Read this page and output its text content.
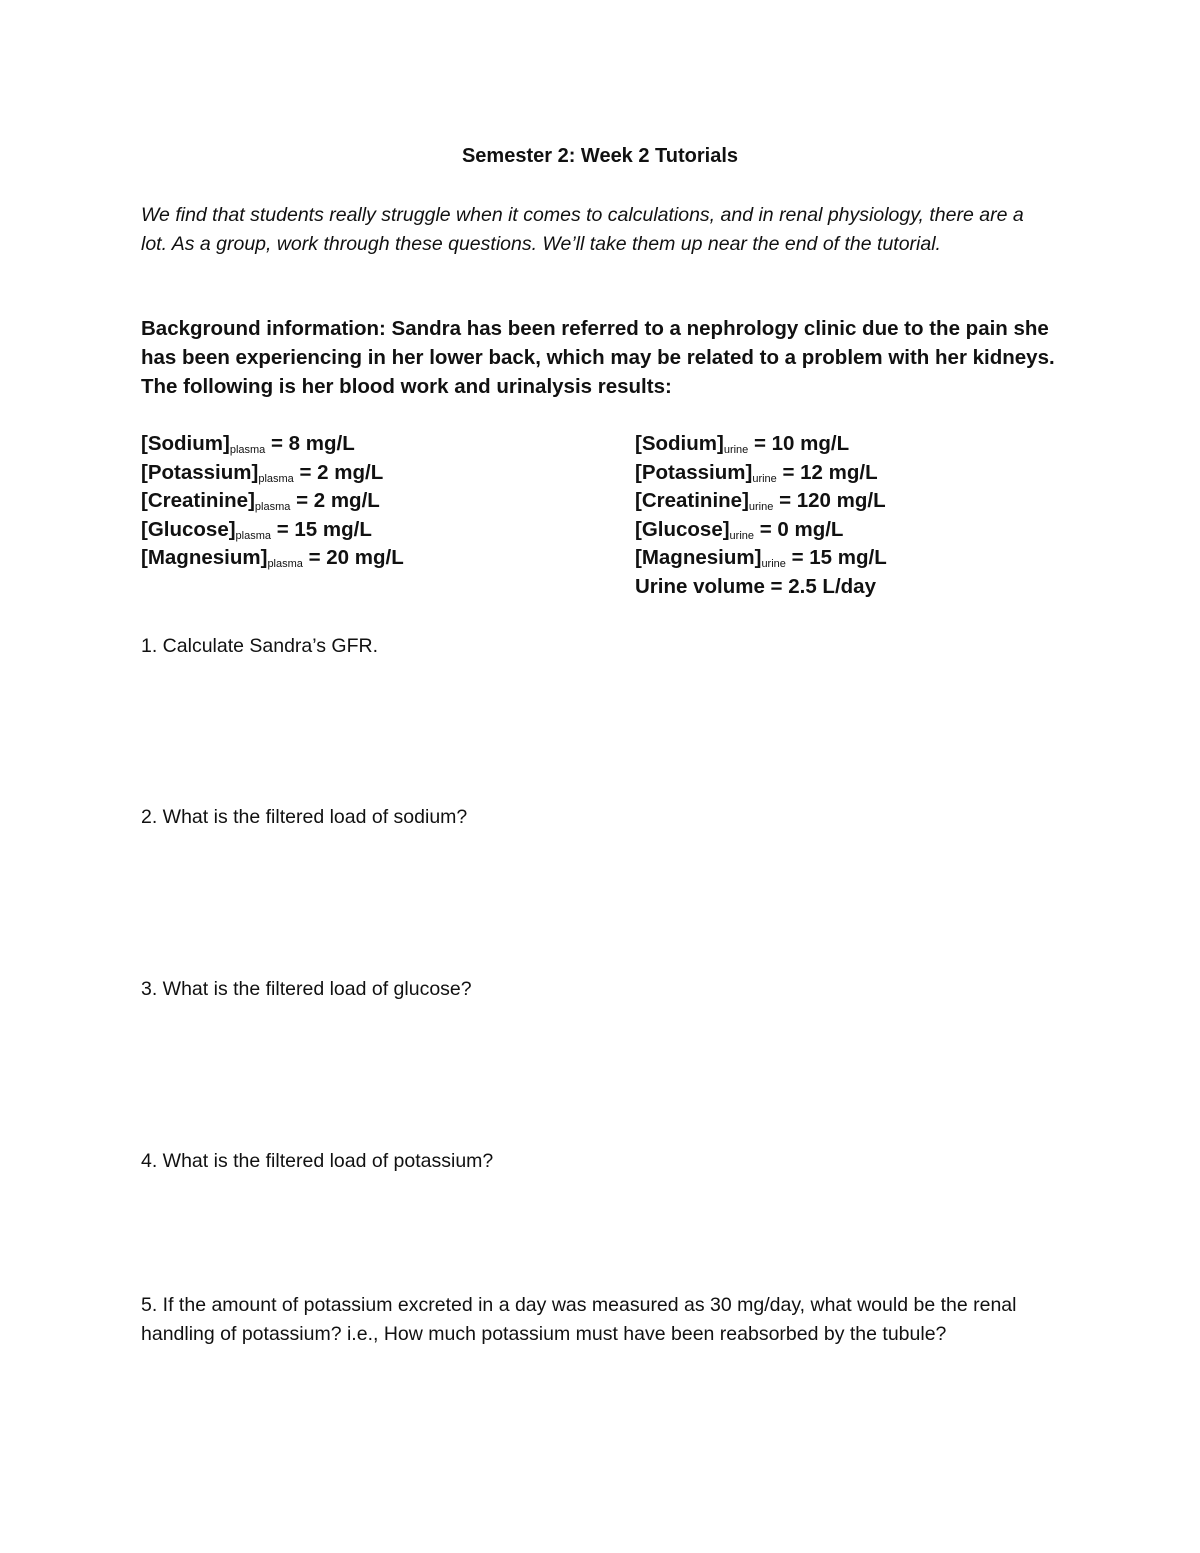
Semester 2: Week 2 Tutorials
We find that students really struggle when it comes to calculations, and in renal physiology, there are a lot. As a group, work through these questions. We’ll take them up near the end of the tutorial.
Background information: Sandra has been referred to a nephrology clinic due to the pain she has been experiencing in her lower back, which may be related to a problem with her kidneys. The following is her blood work and urinalysis results:
$[Sodium]_{plasma} = 8$ mg/L
$[Potassium]_{plasma} = 2$ mg/L
$[Creatinine]_{plasma} = 2$ mg/L
$[Glucose]_{plasma} = 15$ mg/L
$[Magnesium]_{plasma} = 20$ mg/L
$[Sodium]_{urine} = 10$ mg/L
$[Potassium]_{urine} = 12$ mg/L
$[Creatinine]_{urine} = 120$ mg/L
$[Glucose]_{urine} = 0$ mg/L
$[Magnesium]_{urine} = 15$ mg/L
Urine volume = 2.5 L/day
1. Calculate Sandra’s GFR.
2. What is the filtered load of sodium?
3. What is the filtered load of glucose?
4. What is the filtered load of potassium?
5. If the amount of potassium excreted in a day was measured as 30 mg/day, what would be the renal handling of potassium? i.e., How much potassium must have been reabsorbed by the tubule?
